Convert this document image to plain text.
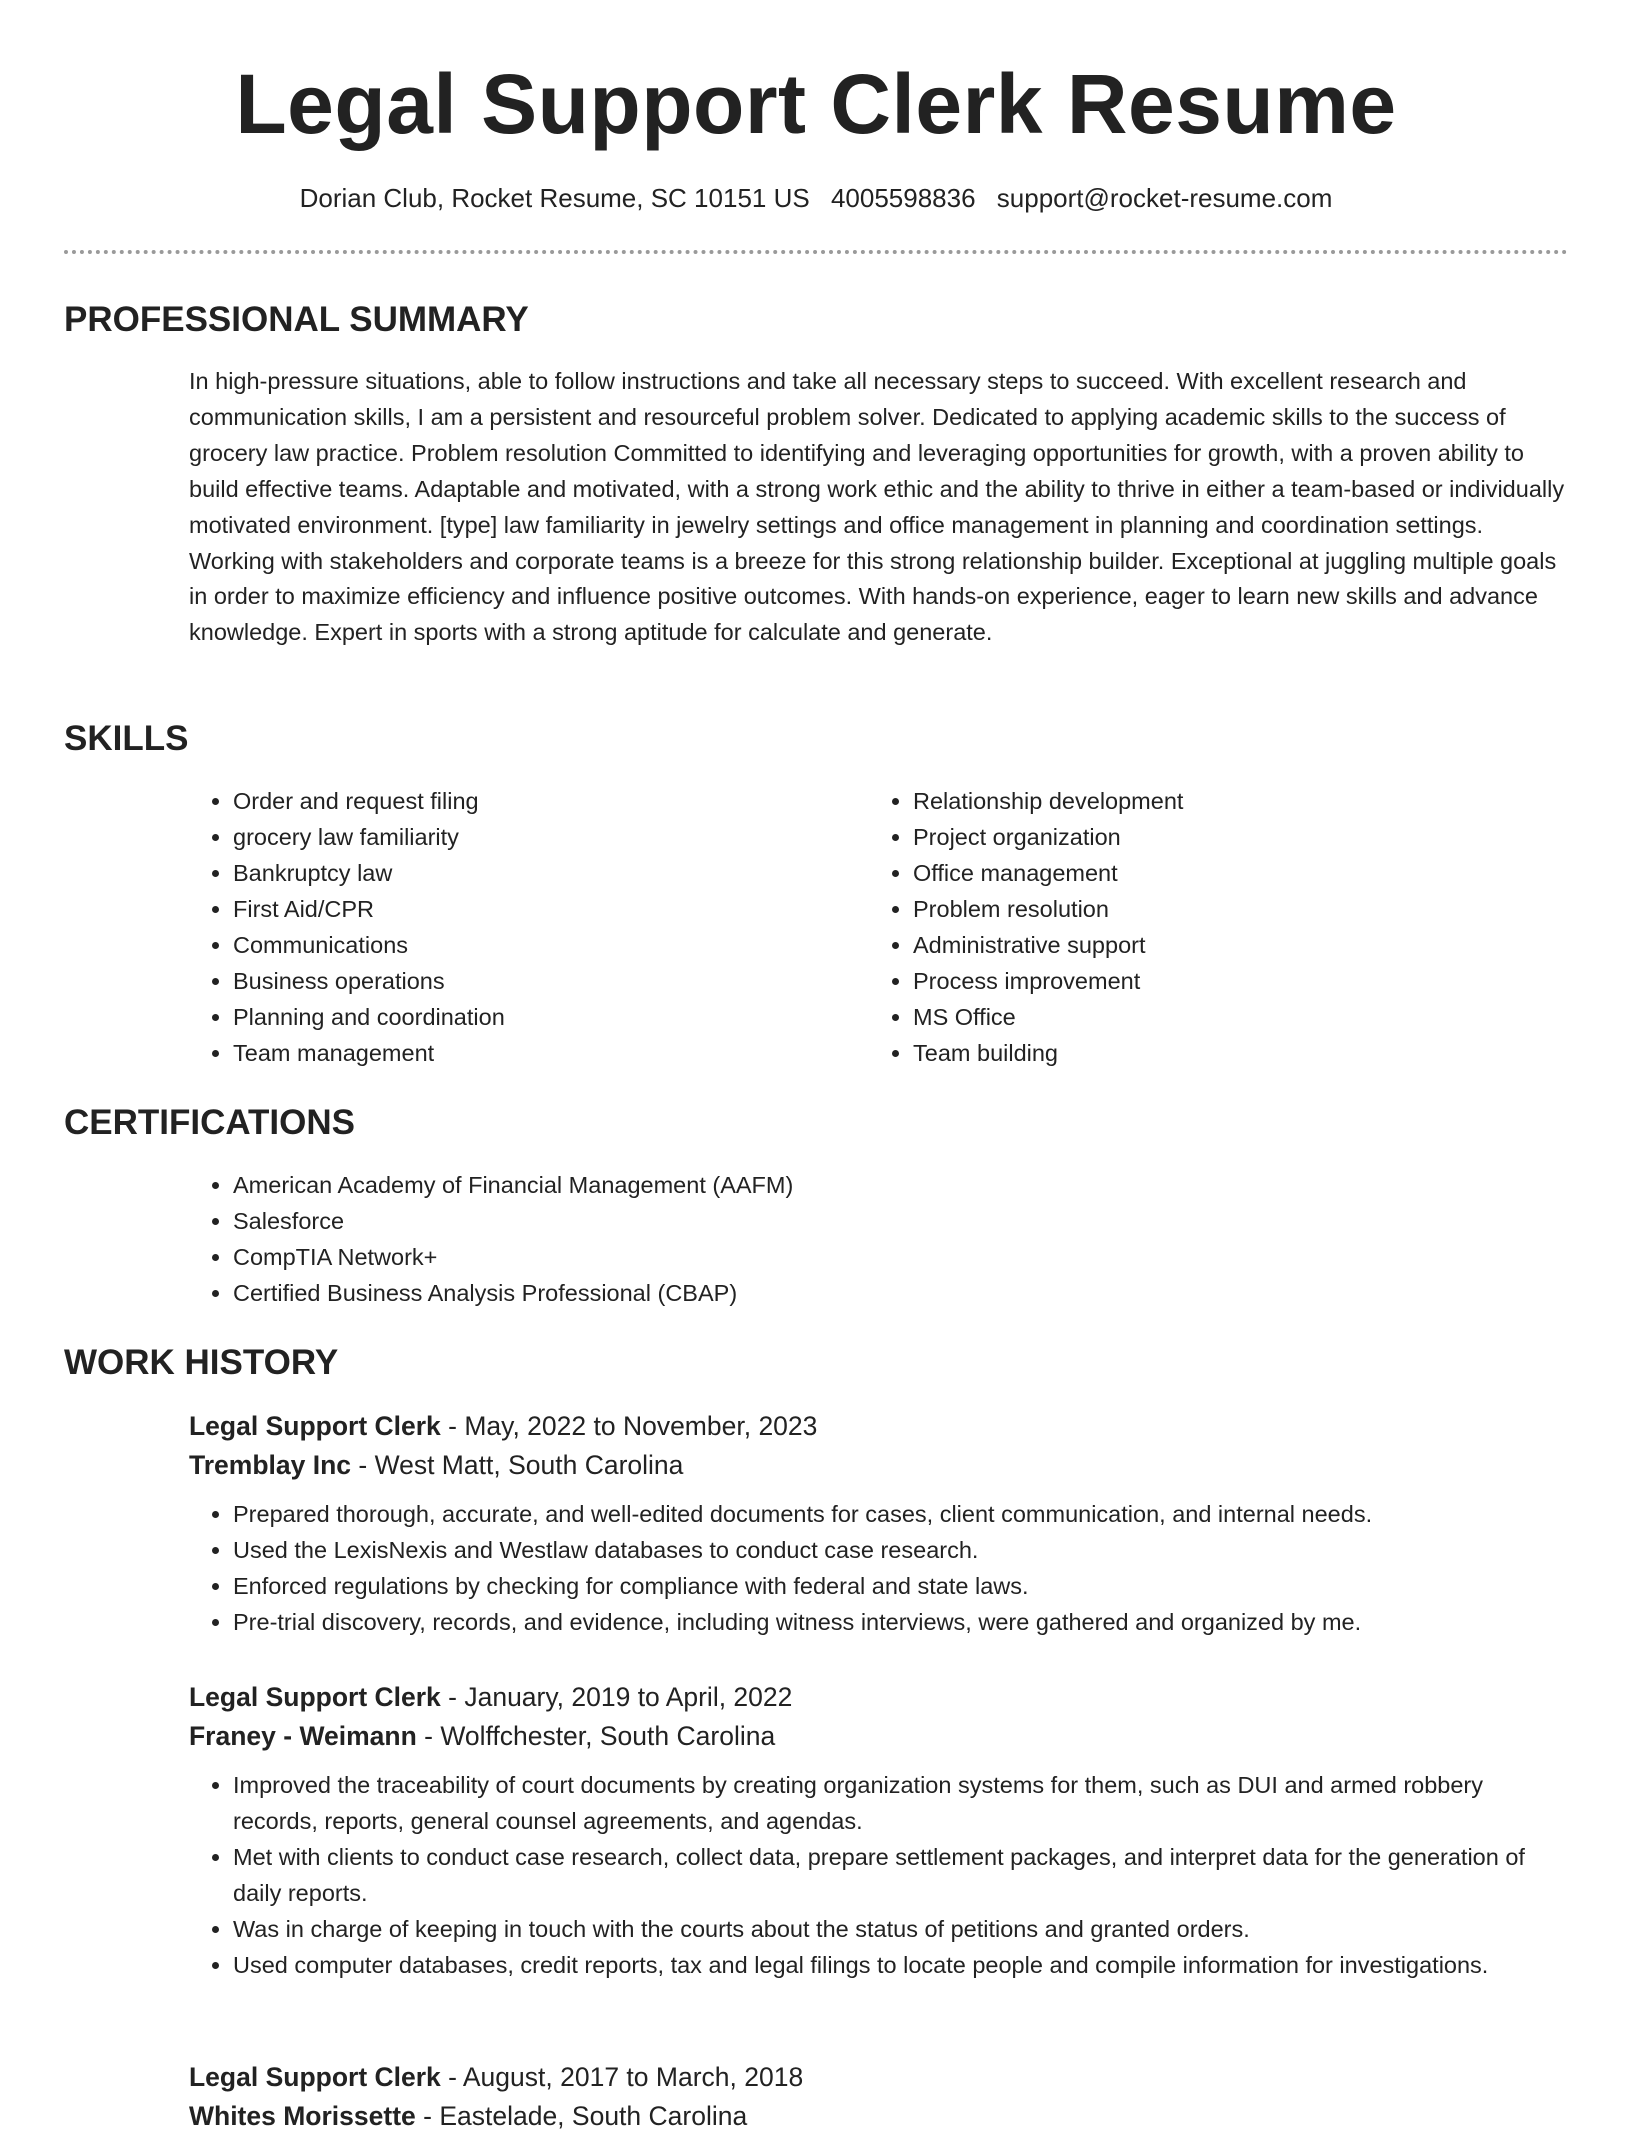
Legal Support Clerk Resume
Dorian Club, Rocket Resume, SC 10151 US 4005598836 support@rocket-resume.com
PROFESSIONAL SUMMARY

In high-pressure situations, able to follow instructions and take all necessary steps to succeed. With excellent research and communication skills, I am a persistent and resourceful problem solver. Dedicated to applying academic skills to the success of grocery law practice. Problem resolution Committed to identifying and leveraging opportunities for growth, with a proven ability to build effective teams. Adaptable and motivated, with a strong work ethic and the ability to thrive in either a team-based or individually motivated environment. [type] law familiarity in jewelry settings and office management in planning and coordination settings. Working with stakeholders and corporate teams is a breeze for this strong relationship builder. Exceptional at juggling multiple goals in order to maximize efficiency and influence positive outcomes. With hands-on experience, eager to learn new skills and advance knowledge. Expert in sports with a strong aptitude for calculate and generate.

SKILLS
• Order and request filing
• grocery law familiarity
• Bankruptcy law
• First Aid/CPR
• Communications
• Business operations
• Planning and coordination
• Team management
• Relationship development
• Project organization
• Office management
• Problem resolution
• Administrative support
• Process improvement
• MS Office
• Team building
CERTIFICATIONS
• American Academy of Financial Management (AAFM)
• Salesforce
• CompTIA Network+
• Certified Business Analysis Professional (CBAP)
WORK HISTORY
Legal Support Clerk - May, 2022 to November, 2023
Tremblay Inc - West Matt, South Carolina
• Prepared thorough, accurate, and well-edited documents for cases, client communication, and internal needs.
• Used the LexisNexis and Westlaw databases to conduct case research.
• Enforced regulations by checking for compliance with federal and state laws.
• Pre-trial discovery, records, and evidence, including witness interviews, were gathered and organized by me.
Legal Support Clerk - January, 2019 to April, 2022
Franey - Weimann - Wolffchester, South Carolina
• Improved the traceability of court documents by creating organization systems for them, such as DUI and armed robbery records, reports, general counsel agreements, and agendas.
• Met with clients to conduct case research, collect data, prepare settlement packages, and interpret data for the generation of daily reports.
• Was in charge of keeping in touch with the courts about the status of petitions and granted orders.
• Used computer databases, credit reports, tax and legal filings to locate people and compile information for investigations.
Legal Support Clerk - August, 2017 to March, 2018
Whites Morissette - Eastelade, South Carolina
